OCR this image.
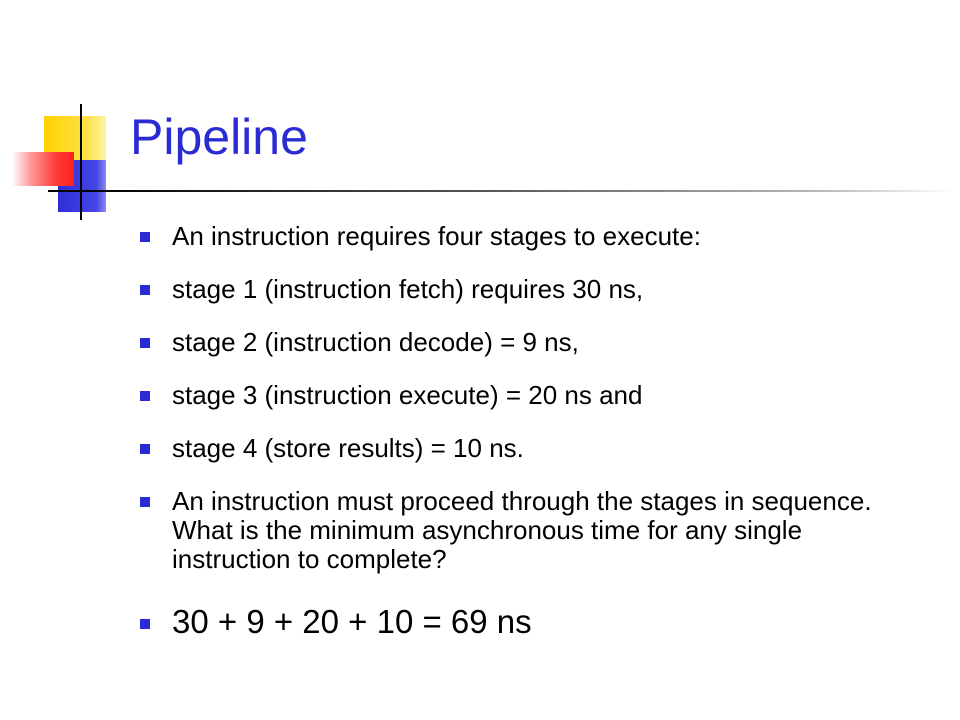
Pipeline
An instruction requires four stages to execute:
stage 1 (instruction fetch) requires 30 ns,
stage 2 (instruction decode) = 9 ns,
stage 3 (instruction execute) = 20 ns and
stage 4 (store results) = 10 ns.
An instruction must proceed through the stages in sequence. What is the minimum asynchronous time for any single instruction to complete?
30 + 9 + 20 + 10 = 69 ns
